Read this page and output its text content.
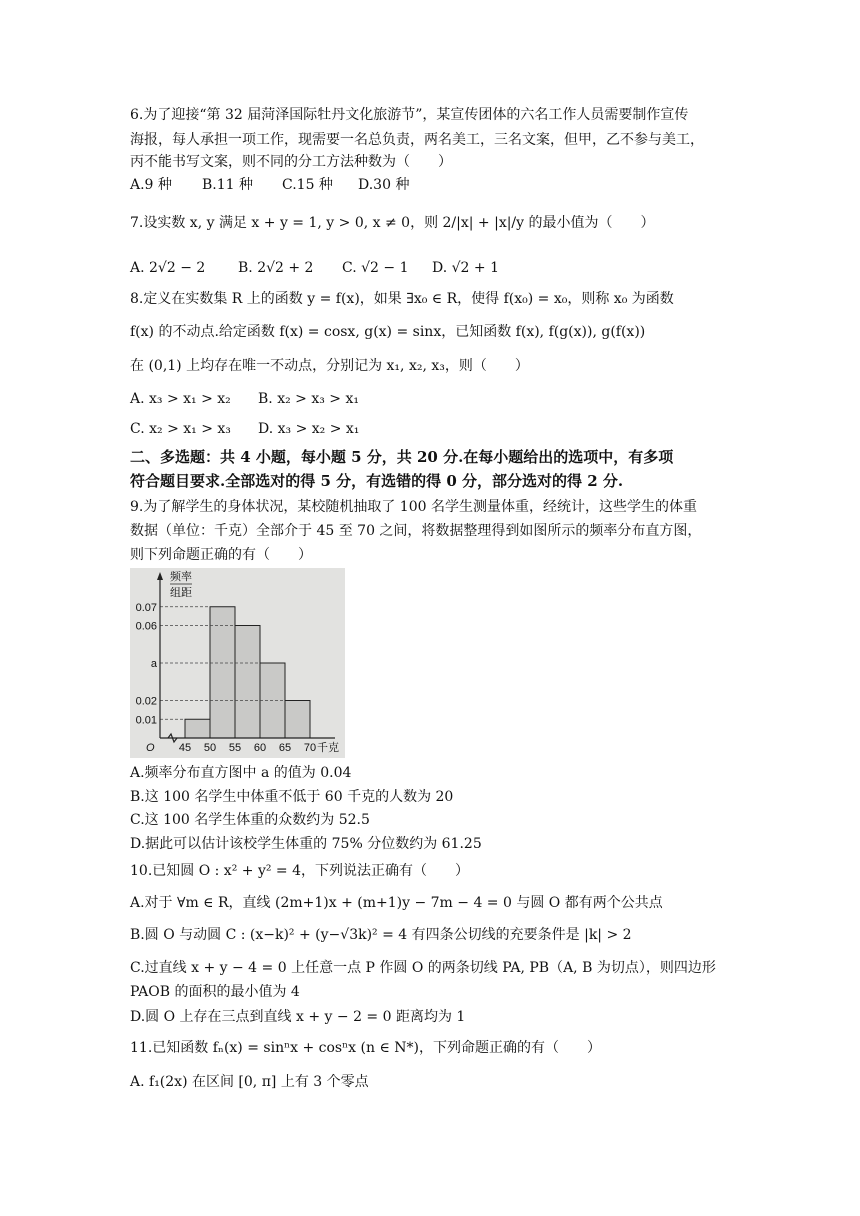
6.为了迎接“第 32 届菏泽国际牡丹文化旅游节”，某宣传团体的六名工作人员需要制作宣传
海报，每人承担一项工作，现需要一名总负责，两名美工，三名文案，但甲，乙不参与美工，
丙不能书写文案，则不同的分工方法种数为（　　）
A.9 种 B.11 种 C.15 种 D.30 种
7.设实数 x, y 满足 x + y = 1, y > 0, x ≠ 0，则 2/|x| + |x|/y 的最小值为（　　）
A. 2√2 − 2 B. 2√2 + 2 C. √2 − 1 D. √2 + 1
8.定义在实数集 R 上的函数 y = f(x)，如果 ∃x₀ ∈ R，使得 f(x₀) = x₀，则称 x₀ 为函数
f(x) 的不动点.给定函数 f(x) = cosx, g(x) = sinx，已知函数 f(x), f(g(x)), g(f(x))
在 (0,1) 上均存在唯一不动点，分别记为 x₁, x₂, x₃，则（　　）
A. x₃ > x₁ > x₂ B. x₂ > x₃ > x₁
C. x₂ > x₁ > x₃ D. x₃ > x₂ > x₁
二、多选题：共 4 小题，每小题 5 分，共 20 分.在每小题给出的选项中，有多项
符合题目要求.全部选对的得 5 分，有选错的得 0 分，部分选对的得 2 分.
9.为了解学生的身体状况，某校随机抽取了 100 名学生测量体重，经统计，这些学生的体重
数据（单位：千克）全部介于 45 至 70 之间，将数据整理得到如图所示的频率分布直方图，
则下列命题正确的有（　　）
频率
组距
O 45 50 55 60 65 70
0.01
0.02
a
0.06
0.07
千克
A.频率分布直方图中 a 的值为 0.04
B.这 100 名学生中体重不低于 60 千克的人数为 20
C.这 100 名学生体重的众数约为 52.5
D.据此可以估计该校学生体重的 75% 分位数约为 61.25
10.已知圆 O : x² + y² = 4，下列说法正确有（　　）
A.对于 ∀m ∈ R，直线 (2m+1)x + (m+1)y − 7m − 4 = 0 与圆 O 都有两个公共点
B.圆 O 与动圆 C : (x−k)² + (y−√3k)² = 4 有四条公切线的充要条件是 |k| > 2
C.过直线 x + y − 4 = 0 上任意一点 P 作圆 O 的两条切线 PA, PB（A, B 为切点），则四边形
PAOB 的面积的最小值为 4
D.圆 O 上存在三点到直线 x + y − 2 = 0 距离均为 1
11.已知函数 fₙ(x) = sinⁿx + cosⁿx (n ∈ N*)，下列命题正确的有（　　）
A. f₁(2x) 在区间 [0, π] 上有 3 个零点
